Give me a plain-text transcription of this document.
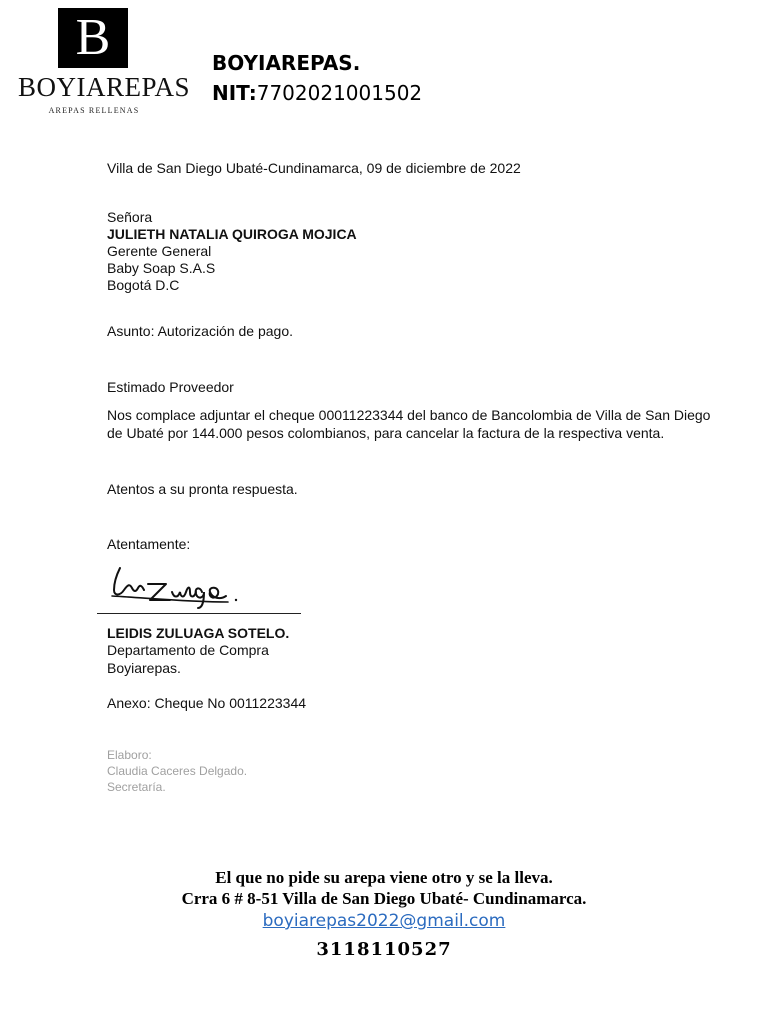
B
BOYIAREPAS
AREPAS RELLENAS
BOYIAREPAS.
NIT:7702021001502
Villa de San Diego Ubaté-Cundinamarca, 09 de diciembre de 2022
Señora
JULIETH NATALIA QUIROGA MOJICA
Gerente General
Baby Soap S.A.S
Bogotá D.C
Asunto: Autorización de pago.
Estimado Proveedor
Nos complace adjuntar el cheque 00011223344 del banco de Bancolombia de Villa de San Diego
de Ubaté por 144.000 pesos colombianos, para cancelar la factura de la respectiva venta.
Atentos a su pronta respuesta.
Atentamente:
LEIDIS ZULUAGA SOTELO.
Departamento de Compra
Boyiarepas.
Anexo: Cheque No 0011223344
Elaboro:
Claudia Caceres Delgado.
Secretaría.
El que no pide su arepa viene otro y se la lleva.
Crra 6 # 8-51 Villa de San Diego Ubaté- Cundinamarca.
boyiarepas2022@gmail.com
3118110527
